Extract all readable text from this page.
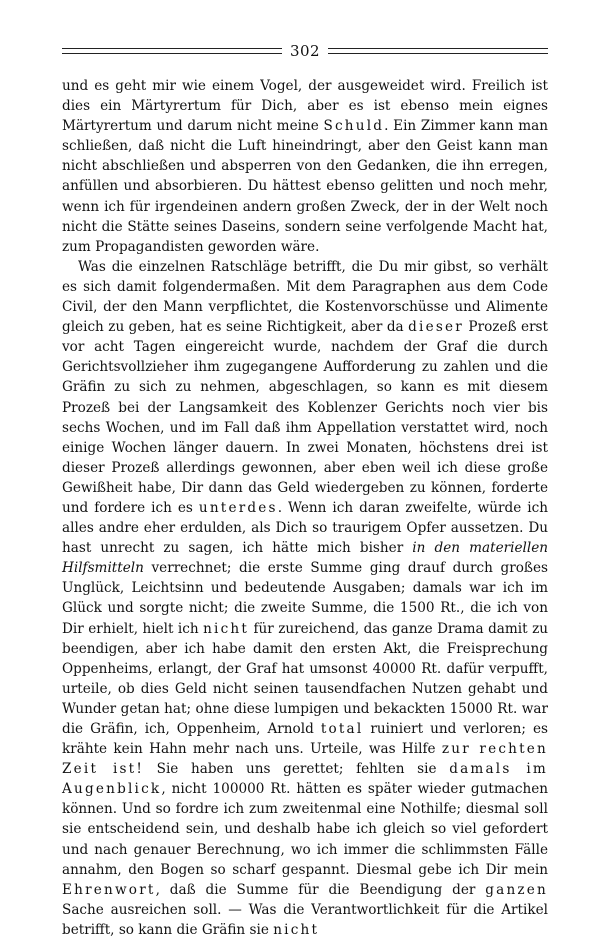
302

und es geht mir wie einem Vogel, der ausgeweidet wird. Freilich ist dies ein Märtyrertum für Dich, aber es ist ebenso mein eignes Märtyrertum und darum nicht meine Schuld. Ein Zimmer kann man schließen, daß nicht die Luft hineindringt, aber den Geist kann man nicht abschließen und absperren von den Gedanken, die ihn erregen, anfüllen und absorbieren. Du hättest ebenso gelitten und noch mehr, wenn ich für irgendeinen andern großen Zweck, der in der Welt noch nicht die Stätte seines Daseins, sondern seine verfolgende Macht hat, zum Propagandisten geworden wäre.

Was die einzelnen Ratschläge betrifft, die Du mir gibst, so verhält es sich damit folgendermaßen. Mit dem Paragraphen aus dem Code Civil, der den Mann verpflichtet, die Kostenvorschüsse und Alimente gleich zu geben, hat es seine Richtigkeit, aber da dieser Prozeß erst vor acht Tagen eingereicht wurde, nachdem der Graf die durch Gerichtsvollzieher ihm zugegangene Aufforderung zu zahlen und die Gräfin zu sich zu nehmen, abgeschlagen, so kann es mit diesem Prozeß bei der Langsamkeit des Koblenzer Gerichts noch vier bis sechs Wochen, und im Fall daß ihm Appellation verstattet wird, noch einige Wochen länger dauern. In zwei Monaten, höchstens drei ist dieser Prozeß allerdings gewonnen, aber eben weil ich diese große Gewißheit habe, Dir dann das Geld wiedergeben zu können, forderte und fordere ich es unterdes. Wenn ich daran zweifelte, würde ich alles andre eher erdulden, als Dich so traurigem Opfer aussetzen. Du hast unrecht zu sagen, ich hätte mich bisher in den materiellen Hilfsmitteln verrechnet; die erste Summe ging drauf durch großes Unglück, Leichtsinn und bedeutende Ausgaben; damals war ich im Glück und sorgte nicht; die zweite Summe, die 1500 Rt., die ich von Dir erhielt, hielt ich nicht für zureichend, das ganze Drama damit zu beendigen, aber ich habe damit den ersten Akt, die Freisprechung Oppenheims, erlangt, der Graf hat umsonst 40000 Rt. dafür verpufft, urteile, ob dies Geld nicht seinen tausendfachen Nutzen gehabt und Wunder getan hat; ohne diese lumpigen und bekackten 15000 Rt. war die Gräfin, ich, Oppenheim, Arnold total ruiniert und verloren; es krähte kein Hahn mehr nach uns. Urteile, was Hilfe zur rechten Zeit ist! Sie haben uns gerettet; fehlten sie damals im Augenblick, nicht 100000 Rt. hätten es später wieder gutmachen können. Und so fordre ich zum zweitenmal eine Nothilfe; diesmal soll sie entscheidend sein, und deshalb habe ich gleich so viel gefordert und nach genauer Berechnung, wo ich immer die schlimmsten Fälle annahm, den Bogen so scharf gespannt. Diesmal gebe ich Dir mein Ehrenwort, daß die Summe für die Beendigung der ganzen Sache ausreichen soll. — Was die Verantwortlichkeit für die Artikel betrifft, so kann die Gräfin sie nicht
